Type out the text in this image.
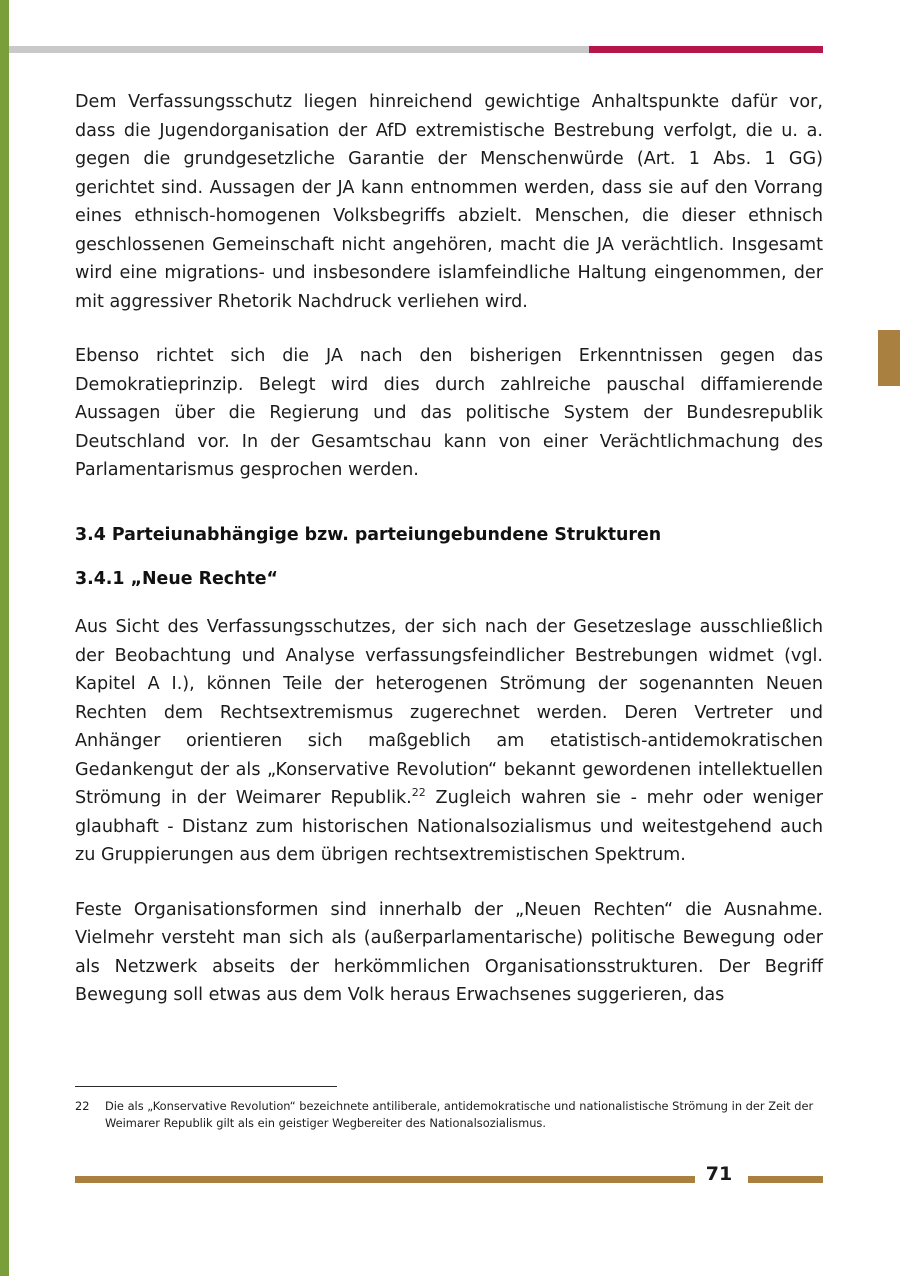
Dem Verfassungsschutz liegen hinreichend gewichtige Anhaltspunkte dafür vor, dass die Jugendorganisation der AfD extremistische Bestrebung verfolgt, die u. a. gegen die grundgesetzliche Garantie der Menschenwürde (Art. 1 Abs. 1 GG) gerichtet sind. Aussagen der JA kann entnommen werden, dass sie auf den Vorrang eines ethnisch-homogenen Volksbegriffs abzielt. Menschen, die dieser ethnisch geschlossenen Gemeinschaft nicht angehören, macht die JA verächtlich. Insgesamt wird eine migrations- und insbesondere islamfeindliche Haltung eingenommen, der mit aggressiver Rhetorik Nachdruck verliehen wird.

Ebenso richtet sich die JA nach den bisherigen Erkenntnissen gegen das Demokratieprinzip. Belegt wird dies durch zahlreiche pauschal diffamierende Aussagen über die Regierung und das politische System der Bundesrepublik Deutschland vor. In der Gesamtschau kann von einer Verächtlichmachung des Parlamentarismus gesprochen werden.

3.4 Parteiunabhängige bzw. parteiungebundene Strukturen
3.4.1 „Neue Rechte“

Aus Sicht des Verfassungsschutzes, der sich nach der Gesetzeslage ausschließlich der Beobachtung und Analyse verfassungsfeindlicher Bestrebungen widmet (vgl. Kapitel A I.), können Teile der heterogenen Strömung der sogenannten Neuen Rechten dem Rechtsextremismus zugerechnet werden. Deren Vertreter und Anhänger orientieren sich maßgeblich am etatistisch-antidemokratischen Gedankengut der als „Konservative Revolution“ bekannt gewordenen intellektuellen Strömung in der Weimarer Republik.$^{22}$ Zugleich wahren sie - mehr oder weniger glaubhaft - Distanz zum historischen Nationalsozialismus und weitestgehend auch zu Gruppierungen aus dem übrigen rechtsextremistischen Spektrum.

Feste Organisationsformen sind innerhalb der „Neuen Rechten“ die Ausnahme. Vielmehr versteht man sich als (außerparlamentarische) politische Bewegung oder als Netzwerk abseits der herkömmlichen Organisationsstrukturen. Der Begriff Bewegung soll etwas aus dem Volk heraus Erwachsenes suggerieren, das

22	Die als „Konservative Revolution“ bezeichnete antiliberale, antidemokratische und nationalistische Strömung in der Zeit der Weimarer Republik gilt als ein geistiger Wegbereiter des Nationalsozialismus.
71
